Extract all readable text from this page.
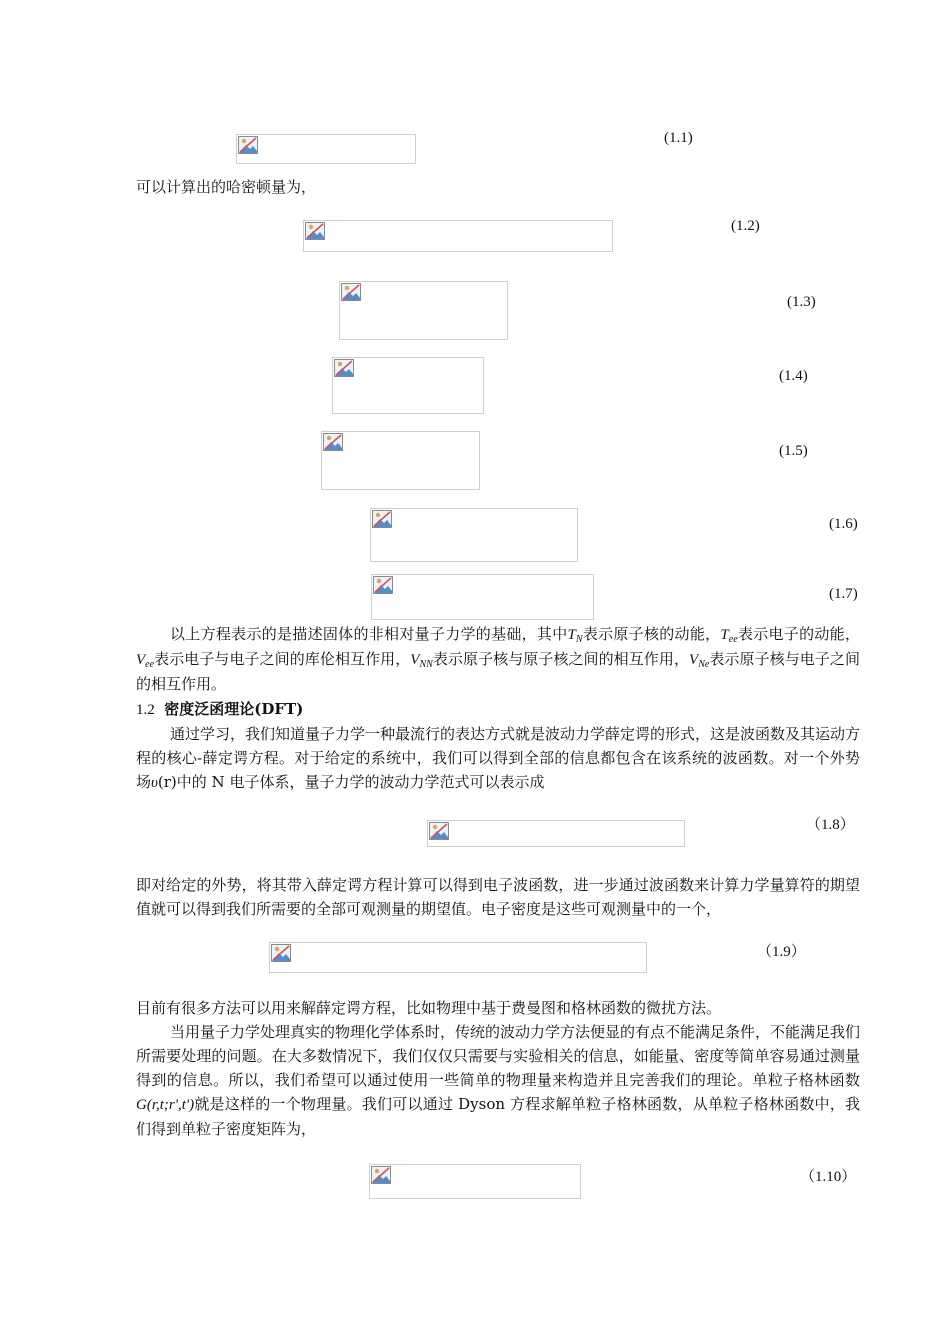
(1.1)

可以计算出的哈密顿量为，

(1.2)
(1.3)
(1.4)
(1.5)
(1.6)
(1.7)

以上方程表示的是描述固体的非相对量子力学的基础，其中$T_N$表示原子核的动能，$T_{ee}$表示电子的动能，$V_{ee}$表示电子与电子之间的库伦相互作用，$V_{NN}$表示原子核与原子核之间的相互作用，$V_{Ne}$表示原子核与电子之间的相互作用。

1.2 密度泛函理论(DFT)

通过学习，我们知道量子力学一种最流行的表达方式就是波动力学薛定谔的形式，这是波函数及其运动方程的核心-薛定谔方程。对于给定的系统中，我们可以得到全部的信息都包含在该系统的波函数。对一个外势场υ(r)中的 N 电子体系，量子力学的波动力学范式可以表示成

（1.8）

即对给定的外势，将其带入薛定谔方程计算可以得到电子波函数，进一步通过波函数来计算力学量算符的期望值就可以得到我们所需要的全部可观测量的期望值。电子密度是这些可观测量中的一个，

（1.9）

目前有很多方法可以用来解薛定谔方程，比如物理中基于费曼图和格林函数的微扰方法。

当用量子力学处理真实的物理化学体系时，传统的波动力学方法便显的有点不能满足条件，不能满足我们所需要处理的问题。在大多数情况下，我们仅仅只需要与实验相关的信息，如能量、密度等简单容易通过测量得到的信息。所以，我们希望可以通过使用一些简单的物理量来构造并且完善我们的理论。单粒子格林函数G(r,t;r',t')就是这样的一个物理量。我们可以通过 Dyson 方程求解单粒子格林函数，从单粒子格林函数中，我们得到单粒子密度矩阵为，

（1.10）
